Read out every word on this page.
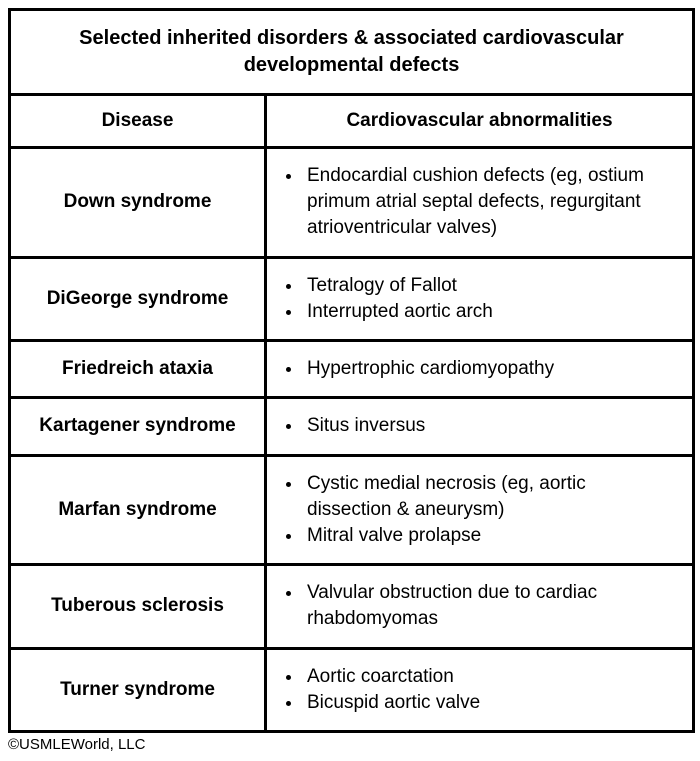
Selected inherited disorders & associated cardiovascular developmental defects	
Disease	Cardiovascular abnormalities
Down syndrome	
• Endocardial cushion defects (eg, ostium primum atrial septal defects, regurgitant atrioventricular valves)

DiGeorge syndrome	
• Tetralogy of Fallot
• Interrupted aortic arch

Friedreich ataxia	
•Hypertrophic cardiomyopathy

Kartagener syndrome	
•Situs inversus

Marfan syndrome	
• Cystic medial necrosis (eg, aortic dissection & aneurysm)
• Mitral valve prolapse

Tuberous sclerosis	
• Valvular obstruction due to cardiac rhabdomyomas

Turner syndrome	
• Aortic coarctation
• Bicuspid aortic valve
©USMLEWorld, LLC
